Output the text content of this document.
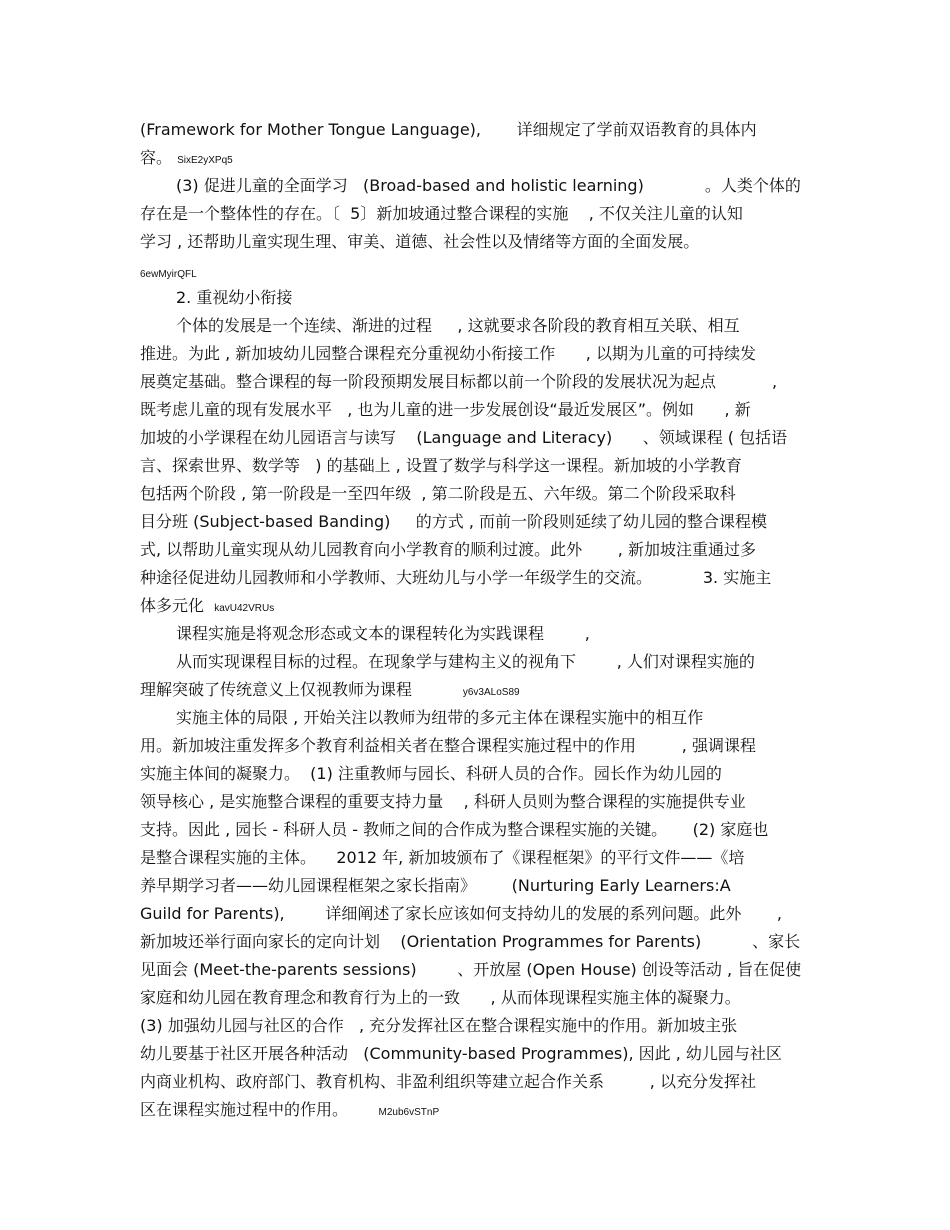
(Framework for Mother Tongue Language),       详细规定了学前双语教育的具体内
容。 SixE2yXPq5
(3) 促进儿童的全面学习   (Broad-based and holistic learning)            。人类个体的
存在是一个整体性的存在。〔  5〕新加坡通过整合课程的实施    , 不仅关注儿童的认知
学习 , 还帮助儿童实现生理、审美、道德、社会性以及情绪等方面的全面发展。
6ewMyirQFL
2. 重视幼小衔接
个体的发展是一个连续、渐进的过程     , 这就要求各阶段的教育相互关联、相互
推进。为此 , 新加坡幼儿园整合课程充分重视幼小衔接工作      , 以期为儿童的可持续发
展奠定基础。整合课程的每一阶段预期发展目标都以前一个阶段的发展状况为起点           ,
既考虑儿童的现有发展水平   , 也为儿童的进一步发展创设“最近发展区”。例如      , 新
加坡的小学课程在幼儿园语言与读写    (Language and Literacy)      、领域课程 ( 包括语
言、探索世界、数学等   ) 的基础上 , 设置了数学与科学这一课程。新加坡的小学教育
包括两个阶段 , 第一阶段是一至四年级  , 第二阶段是五、六年级。第二个阶段采取科
目分班 (Subject-based Banding)     的方式 , 而前一阶段则延续了幼儿园的整合课程模
式, 以帮助儿童实现从幼儿园教育向小学教育的顺利过渡。此外       , 新加坡注重通过多
种途径促进幼儿园教师和小学教师、大班幼儿与小学一年级学生的交流。          3. 实施主
体多元化 kavU42VRUs
课程实施是将观念形态或文本的课程转化为实践课程        ,
从而实现课程目标的过程。在现象学与建构主义的视角下        , 人们对课程实施的
理解突破了传统意义上仅视教师为课程	y6v3ALoS89
实施主体的局限 , 开始关注以教师为纽带的多元主体在课程实施中的相互作
用。新加坡注重发挥多个教育利益相关者在整合课程实施过程中的作用         , 强调课程
实施主体间的凝聚力。  (1) 注重教师与园长、科研人员的合作。园长作为幼儿园的
领导核心 , 是实施整合课程的重要支持力量    , 科研人员则为整合课程的实施提供专业
支持。因此 , 园长 - 科研人员 - 教师之间的合作成为整合课程实施的关键。     (2) 家庭也
是整合课程实施的主体。    2012 年, 新加坡颁布了《课程框架》的平行文件——《培
养早期学习者——幼儿园课程框架之家长指南》       (Nurturing Early Learners:A
Guild for Parents),        详细阐述了家长应该如何支持幼儿的发展的系列问题。此外       ,
新加坡还举行面向家长的定向计划    (Orientation Programmes for Parents)          、家长
见面会 (Meet-the-parents sessions)        、开放屋 (Open House) 创设等活动 , 旨在促使
家庭和幼儿园在教育理念和教育行为上的一致      , 从而体现课程实施主体的凝聚力。
(3) 加强幼儿园与社区的合作   , 充分发挥社区在整合课程实施中的作用。新加坡主张
幼儿要基于社区开展各种活动   (Community-based Programmes), 因此 , 幼儿园与社区
内商业机构、政府部门、教育机构、非盈利组织等建立起合作关系         , 以充分发挥社
区在课程实施过程中的作用。	M2ub6vSTnP
